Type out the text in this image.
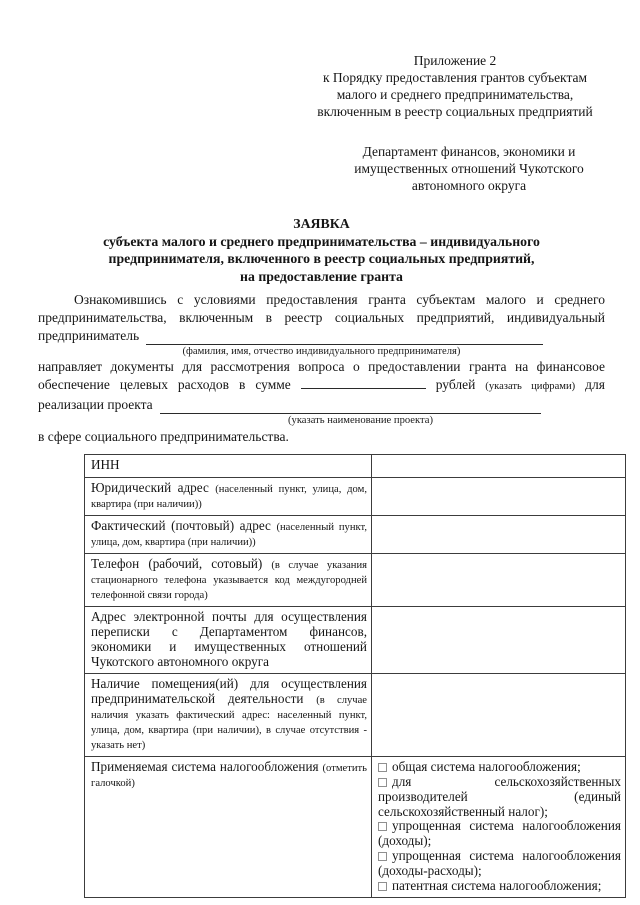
Приложение 2
к Порядку предоставления грантов субъектам
малого и среднего предпринимательства,
включенным в реестр социальных предприятий
Департамент финансов, экономики и
имущественных отношений Чукотского
автономного округа
ЗАЯВКА
субъекта малого и среднего предпринимательства – индивидуального
предпринимателя, включенного в реестр социальных предприятий,
на предоставление гранта
Ознакомившись с условиями предоставления гранта субъектам малого и среднего предпринимательства, включенным в реестр социальных предприятий, индивидуальный
предприниматель
(фамилия, имя, отчество индивидуального предпринимателя)
направляет документы для рассмотрения вопроса о предоставлении гранта на финансовое обеспечение целевых расходов в сумме	рублей (указать цифрами) для
реализации проекта
(указать наименование проекта)
в сфере социального предпринимательства.
ИНН	
Юридический адрес (населенный пункт, улица, дом, квартира (при наличии))	
Фактический (почтовый) адрес (населенный пункт, улица, дом, квартира (при наличии))	
Телефон (рабочий, сотовый) (в случае указания стационарного телефона указывается код междугородней телефонной связи города)	
Адрес электронной почты для осуществления переписки с Департаментом финансов, экономики и имущественных отношений Чукотского автономного округа	
Наличие помещения(ий) для осуществления предпринимательской деятельности (в случае наличия указать фактический адрес: населенный пункт, улица, дом, квартира (при наличии), в случае отсутствия - указать нет)	
Применяемая система налогообложения (отметить галочкой)	общая система налогообложения;
для сельскохозяйственных производителей (единый сельскохозяйственный налог);
упрощенная система налогообложения (доходы);
упрощенная система налогообложения (доходы-расходы);
патентная система налогообложения;
